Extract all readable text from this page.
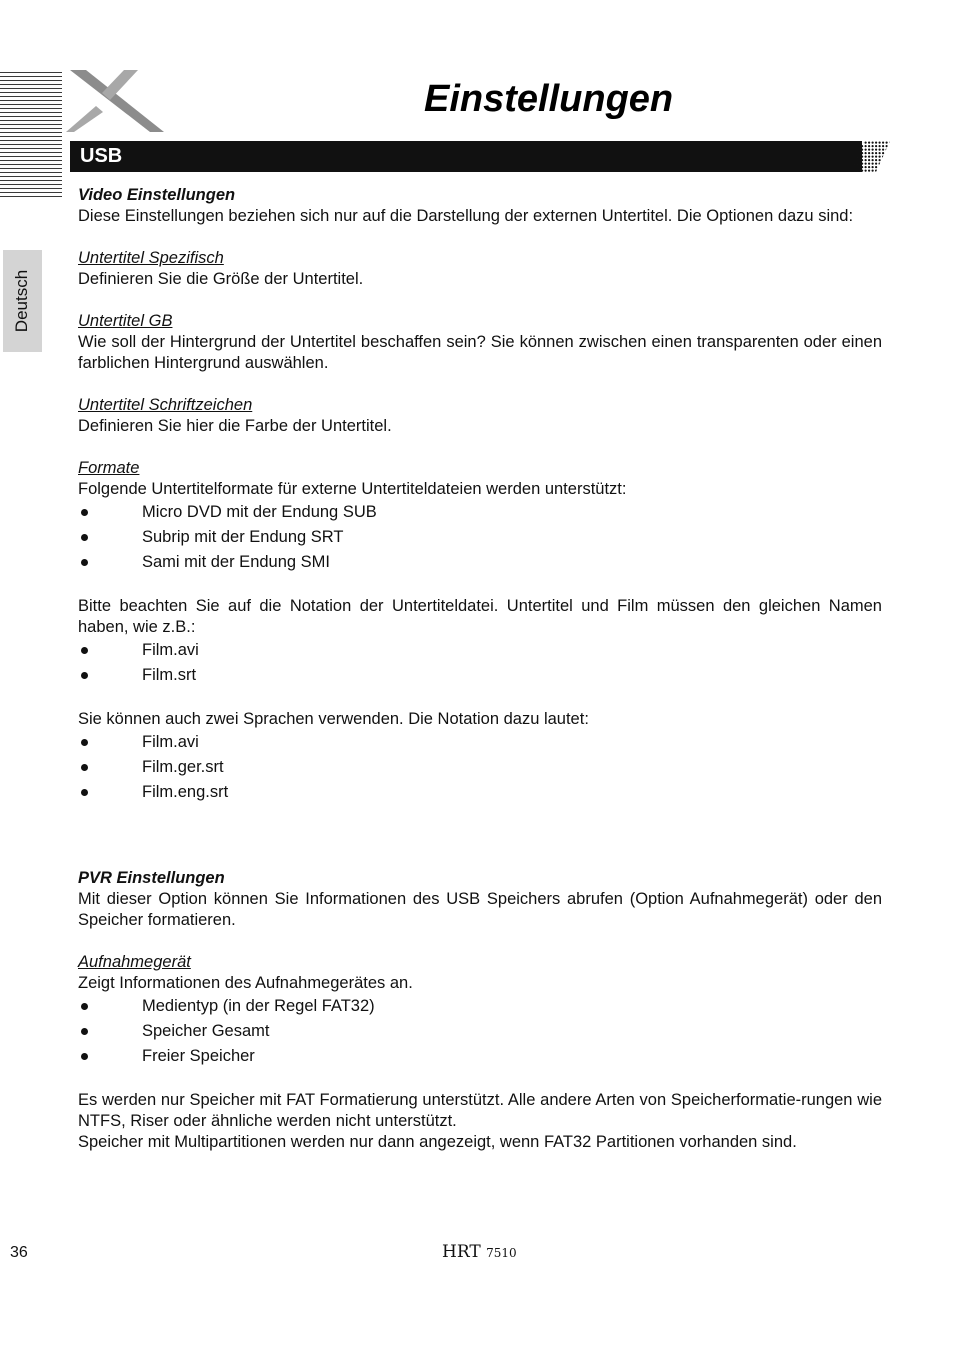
Einstellungen
USB
Deutsch

Video Einstellungen

Diese Einstellungen beziehen sich nur auf die Darstellung der externen Untertitel. Die Optionen dazu sind:

Untertitel Spezifisch

Definieren Sie die Größe der Untertitel.

Untertitel GB

Wie soll der Hintergrund der Untertitel beschaffen sein? Sie können zwischen einen transparenten oder einen farblichen Hintergrund auswählen.

Untertitel Schriftzeichen

Definieren Sie hier die Farbe der Untertitel.

Formate

Folgende Untertitelformate für externe Untertiteldateien werden unterstützt:

Micro DVD mit der Endung SUB
Subrip mit der Endung SRT
Sami mit der Endung SMI

Bitte beachten Sie auf die Notation der Untertiteldatei. Untertitel und Film müssen den gleichen Namen haben, wie z.B.:

Film.avi
Film.srt

Sie können auch zwei Sprachen verwenden. Die Notation dazu lautet:

Film.avi
Film.ger.srt
Film.eng.srt

PVR Einstellungen

Mit dieser Option können Sie Informationen des USB Speichers abrufen (Option Aufnahmegerät) oder den Speicher formatieren.

Aufnahmegerät

Zeigt Informationen des Aufnahmegerätes an.

Medientyp (in der Regel FAT32)
Speicher Gesamt
Freier Speicher

Es werden nur Speicher mit FAT Formatierung unterstützt. Alle andere Arten von Speicherformatie-rungen wie NTFS, Riser oder ähnliche werden nicht unterstützt.

Speicher mit Multipartitionen werden nur dann angezeigt, wenn FAT32 Partitionen vorhanden sind.

36	HRT 7510
